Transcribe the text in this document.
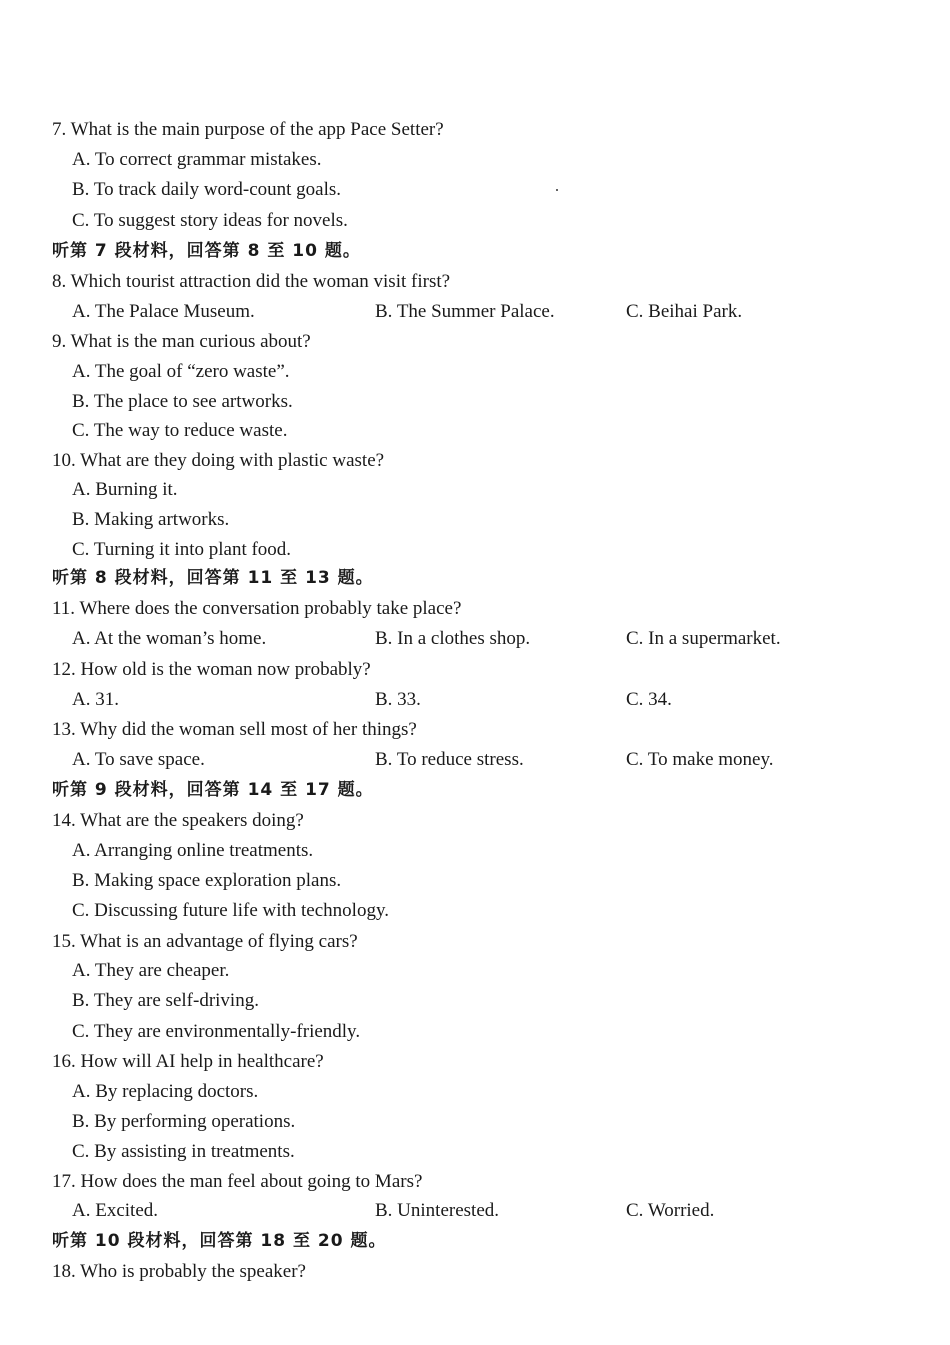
7. What is the main purpose of the app Pace Setter?
A. To correct grammar mistakes.
B. To track daily word-count goals.
C. To suggest story ideas for novels.
听第 7 段材料，回答第 8 至 10 题。
8. Which tourist attraction did the woman visit first?
A. The Palace Museum.	B. The Summer Palace.	C. Beihai Park.
9. What is the man curious about?
A. The goal of “zero waste”.
B. The place to see artworks.
C. The way to reduce waste.
10. What are they doing with plastic waste?
A. Burning it.
B. Making artworks.
C. Turning it into plant food.
听第 8 段材料，回答第 11 至 13 题。
11. Where does the conversation probably take place?
A. At the woman’s home.	B. In a clothes shop.	C. In a supermarket.
12. How old is the woman now probably?
A. 31.	B. 33.	C. 34.
13. Why did the woman sell most of her things?
A. To save space.	B. To reduce stress.	C. To make money.
听第 9 段材料，回答第 14 至 17 题。
14. What are the speakers doing?
A. Arranging online treatments.
B. Making space exploration plans.
C. Discussing future life with technology.
15. What is an advantage of flying cars?
A. They are cheaper.
B. They are self-driving.
C. They are environmentally-friendly.
16. How will AI help in healthcare?
A. By replacing doctors.
B. By performing operations.
C. By assisting in treatments.
17. How does the man feel about going to Mars?
A. Excited.	B. Uninterested.	C. Worried.
听第 10 段材料，回答第 18 至 20 题。
18. Who is probably the speaker?
